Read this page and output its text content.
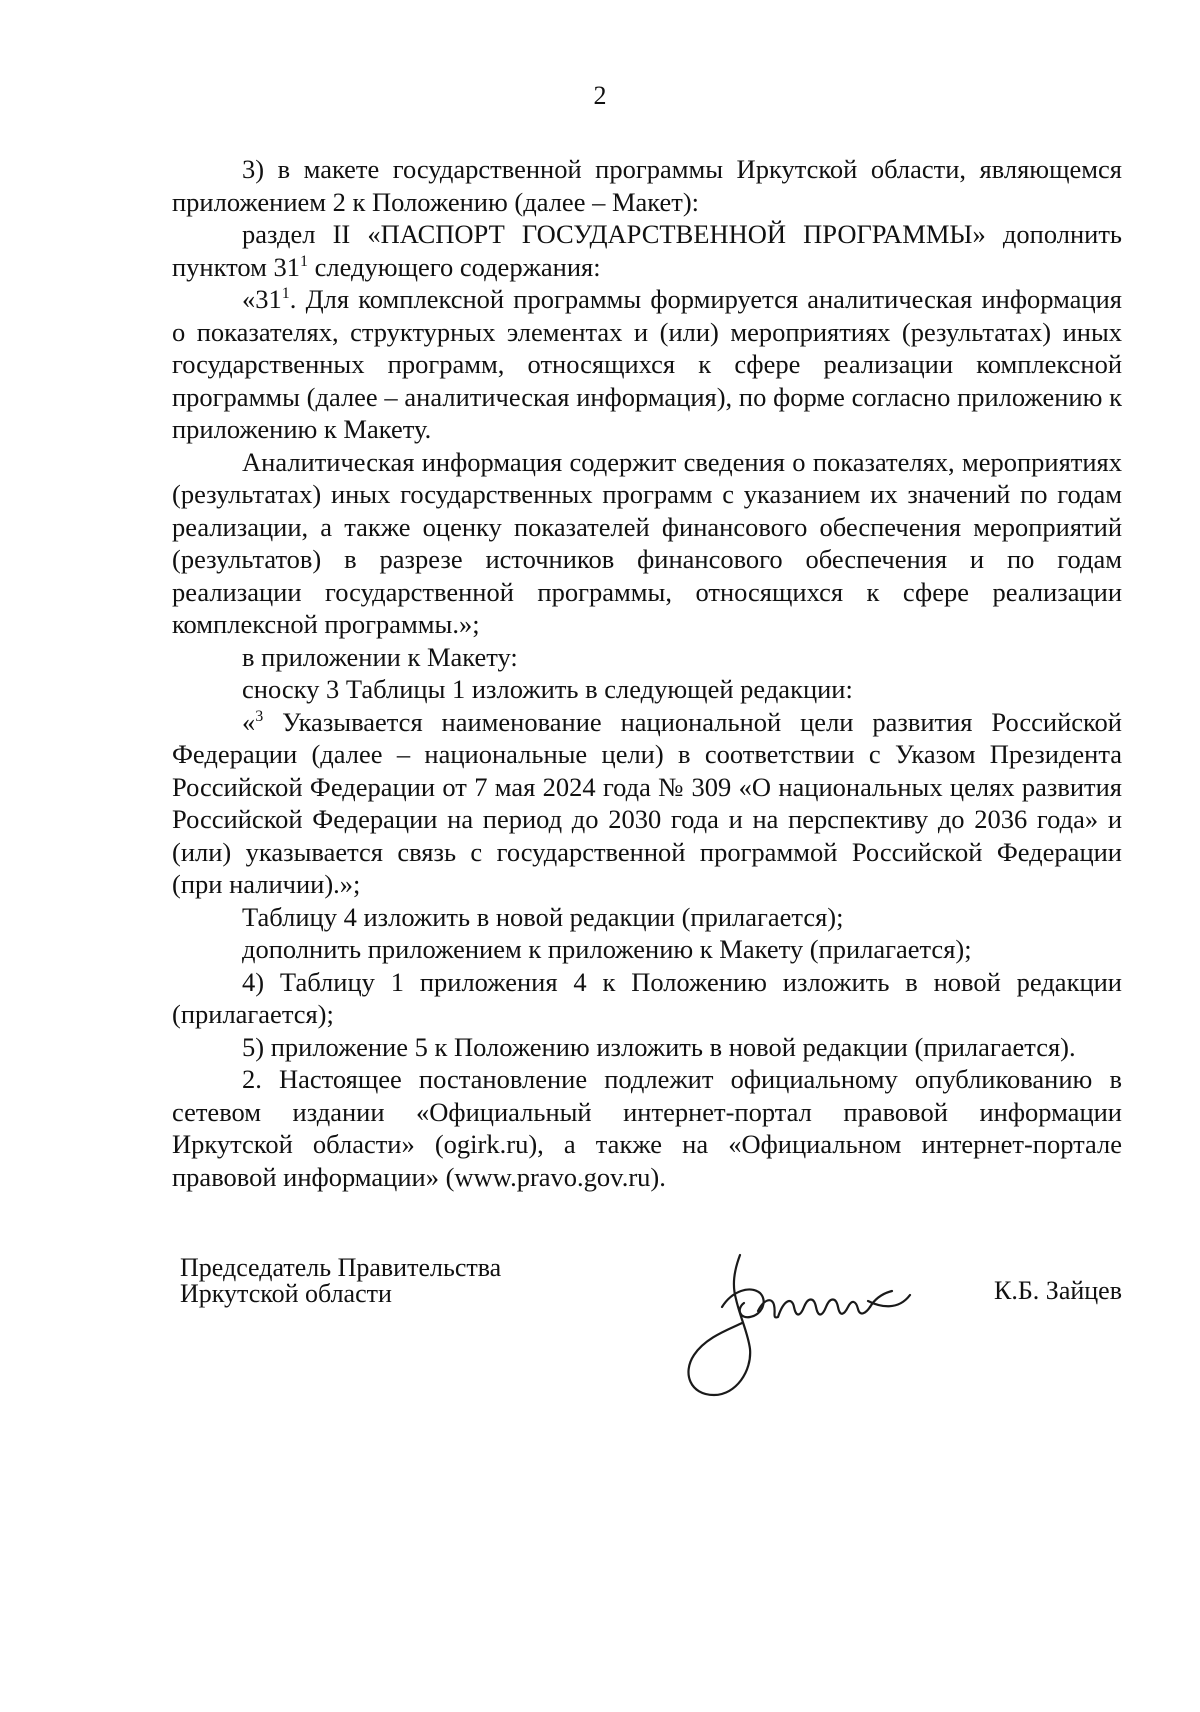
2

3) в макете государственной программы Иркутской области, являющемся приложением 2 к Положению (далее – Макет):

раздел II «ПАСПОРТ ГОСУДАРСТВЕННОЙ ПРОГРАММЫ» дополнить пунктом $31^1$ следующего содержания:

«$31^1$. Для комплексной программы формируется аналитическая информация о показателях, структурных элементах и (или) мероприятиях (результатах) иных государственных программ, относящихся к сфере реализации комплексной программы (далее – аналитическая информация), по форме согласно приложению к приложению к Макету.

Аналитическая информация содержит сведения о показателях, мероприятиях (результатах) иных государственных программ с указанием их значений по годам реализации, а также оценку показателей финансового обеспечения мероприятий (результатов) в разрезе источников финансового обеспечения и по годам реализации государственной программы, относящихся к сфере реализации комплексной программы.»;

в приложении к Макету:

сноску 3 Таблицы 1 изложить в следующей редакции:

«$^3$ Указывается наименование национальной цели развития Российской Федерации (далее – национальные цели) в соответствии с Указом Президента Российской Федерации от 7 мая 2024 года № 309 «О национальных целях развития Российской Федерации на период до 2030 года и на перспективу до 2036 года» и (или) указывается связь с государственной программой Российской Федерации (при наличии).»;

Таблицу 4 изложить в новой редакции (прилагается);

дополнить приложением к приложению к Макету (прилагается);

4) Таблицу 1 приложения 4 к Положению изложить в новой редакции (прилагается);

5) приложение 5 к Положению изложить в новой редакции (прилагается).

2. Настоящее постановление подлежит официальному опубликованию в сетевом издании «Официальный интернет-портал правовой информации Иркутской области» (ogirk.ru), а также на «Официальном интернет-портале правовой информации» (www.pravo.gov.ru).

Председатель Правительства
Иркутской области	К.Б. Зайцев
